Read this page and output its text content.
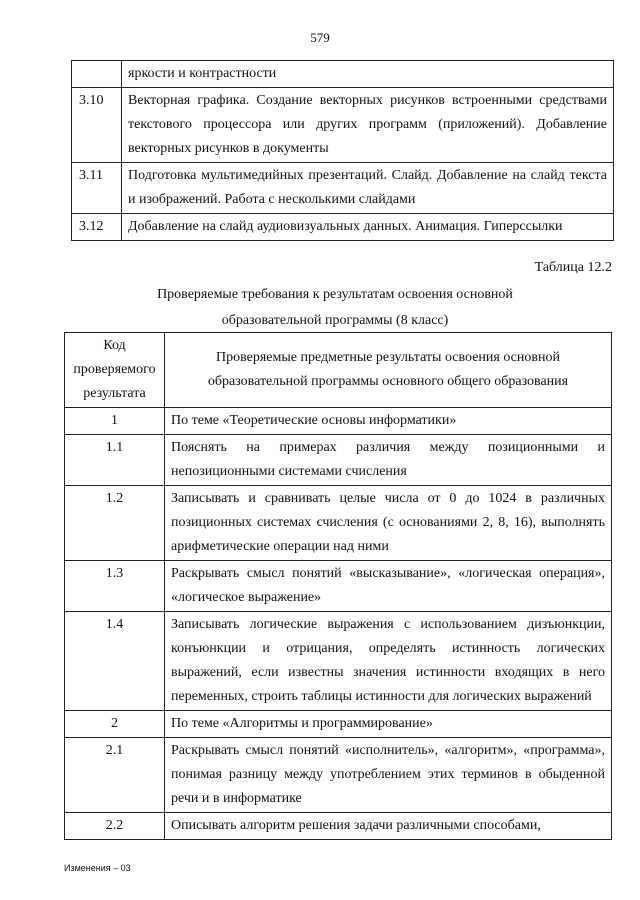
579
	яркости и контрастности
3.10	Векторная графика. Создание векторных рисунков встроенными средствами текстового процессора или других программ (приложений). Добавление векторных рисунков в документы
3.11	Подготовка мультимедийных презентаций. Слайд. Добавление на слайд текста и изображений. Работа с несколькими слайдами
3.12	Добавление на слайд аудиовизуальных данных. Анимация. Гиперссылки
Таблица 12.2
Проверяемые требования к результатам освоения основной
образовательной программы (8 класс)
Код проверяемого результата	Проверяемые предметные результаты освоения основной образовательной программы основного общего образования
1	По теме «Теоретические основы информатики»
1.1	Пояснять на примерах различия между позиционными и непозиционными системами счисления
1.2	Записывать и сравнивать целые числа от 0 до 1024 в различных позиционных системах счисления (с основаниями 2, 8, 16), выполнять арифметические операции над ними
1.3	Раскрывать смысл понятий «высказывание», «логическая операция», «логическое выражение»
1.4	Записывать логические выражения с использованием дизъюнкции, конъюнкции и отрицания, определять истинность логических выражений, если известны значения истинности входящих в него переменных, строить таблицы истинности для логических выражений
2	По теме «Алгоритмы и программирование»
2.1	Раскрывать смысл понятий «исполнитель», «алгоритм», «программа», понимая разницу между употреблением этих терминов в обыденной речи и в информатике
2.2	Описывать алгоритм решения задачи различными способами,
Изменения – 03
